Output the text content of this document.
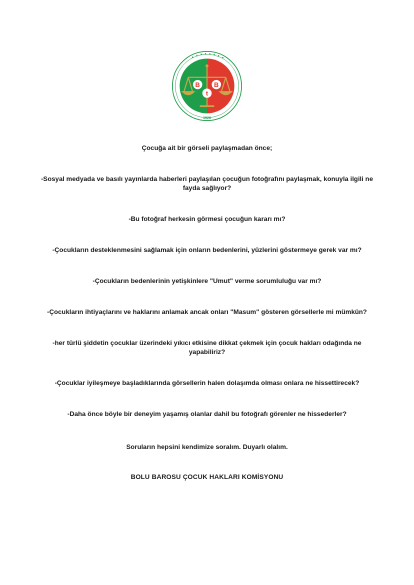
1926
B B
t

Çocuğa ait bir görseli paylaşmadan önce;

-Sosyal medyada ve basılı yayınlarda haberleri paylaşılan çocuğun fotoğrafını paylaşmak, konuyla ilgili ne fayda sağlıyor?

-Bu fotoğraf herkesin görmesi çocuğun kararı mı?

-Çocukların desteklenmesini sağlamak için onların bedenlerini, yüzlerini göstermeye gerek var mı?

-Çocukların bedenlerinin yetişkinlere "Umut" verme sorumluluğu var mı?

-Çocukların ihtiyaçlarını ve haklarını anlamak ancak onları "Masum" gösteren görsellerle mi mümkün?

-her türlü şiddetin çocuklar üzerindeki yıkıcı etkisine dikkat çekmek için çocuk hakları odağında ne yapabiliriz?

-Çocuklar iyileşmeye başladıklarında görsellerin halen dolaşımda olması onlara ne hissettirecek?

-Daha önce böyle bir deneyim yaşamış olanlar dahil bu fotoğrafı görenler ne hissederler?

Soruların hepsini kendimize soralım. Duyarlı olalım.

BOLU BAROSU ÇOCUK HAKLARI KOMİSYONU
